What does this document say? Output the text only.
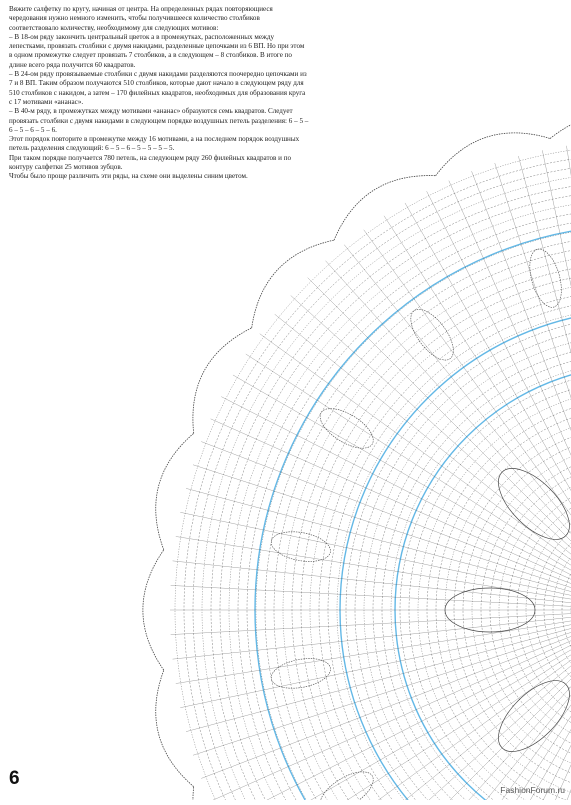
Вяжите салфетку по кругу, начиная от центра. На определенных рядах повторяющиеся чередования нужно немного изменить, чтобы получившееся количество столбиков соответствовало количеству, необходимому для следующих мотивов:

– В 18-ом ряду закончить центральный цветок а в промежутках, расположенных между лепестками, провязать столбики с двумя накидами, разделенные цепочками из 6 ВП. Но при этом в одном промежутке следует провязать 7 столбиков, а в следующем – 8 столбиков. В итоге по длине всего ряда получится 60 квадратов.

– В 24-ом ряду провязываемые столбики с двумя накидами разделяются поочередно цепочками из 7 и 8 ВП. Таким образом получаются 510 столбиков, которые дают начало в следующем ряду для 510 столбиков с накидом, а затем – 170 филейных квадратов, необходимых для образования круга с 17 мотивами «ананас».

– В 40-м ряду, в промежутках между мотивами «ананас» образуются семь квадратов. Следует провязать столбики с двумя накидами в следующем порядке воздушных петель разделения: 6 – 5 – 6 – 5 – 6 – 5 – 6.

Этот порядок повторите в промежутке между 16 мотивами, а на последнем порядок воздушных петель разделения следующий: 6 – 5 – 6 – 5 – 5 – 5 – 5.

При таком порядке получается 780 петель, на следующем ряду 260 филейных квадратов и по контуру салфетки 25 мотивов зубцов.

Чтобы было проще различить эти ряды, на схеме они выделены синим цветом.

6
FashionForum.ru
